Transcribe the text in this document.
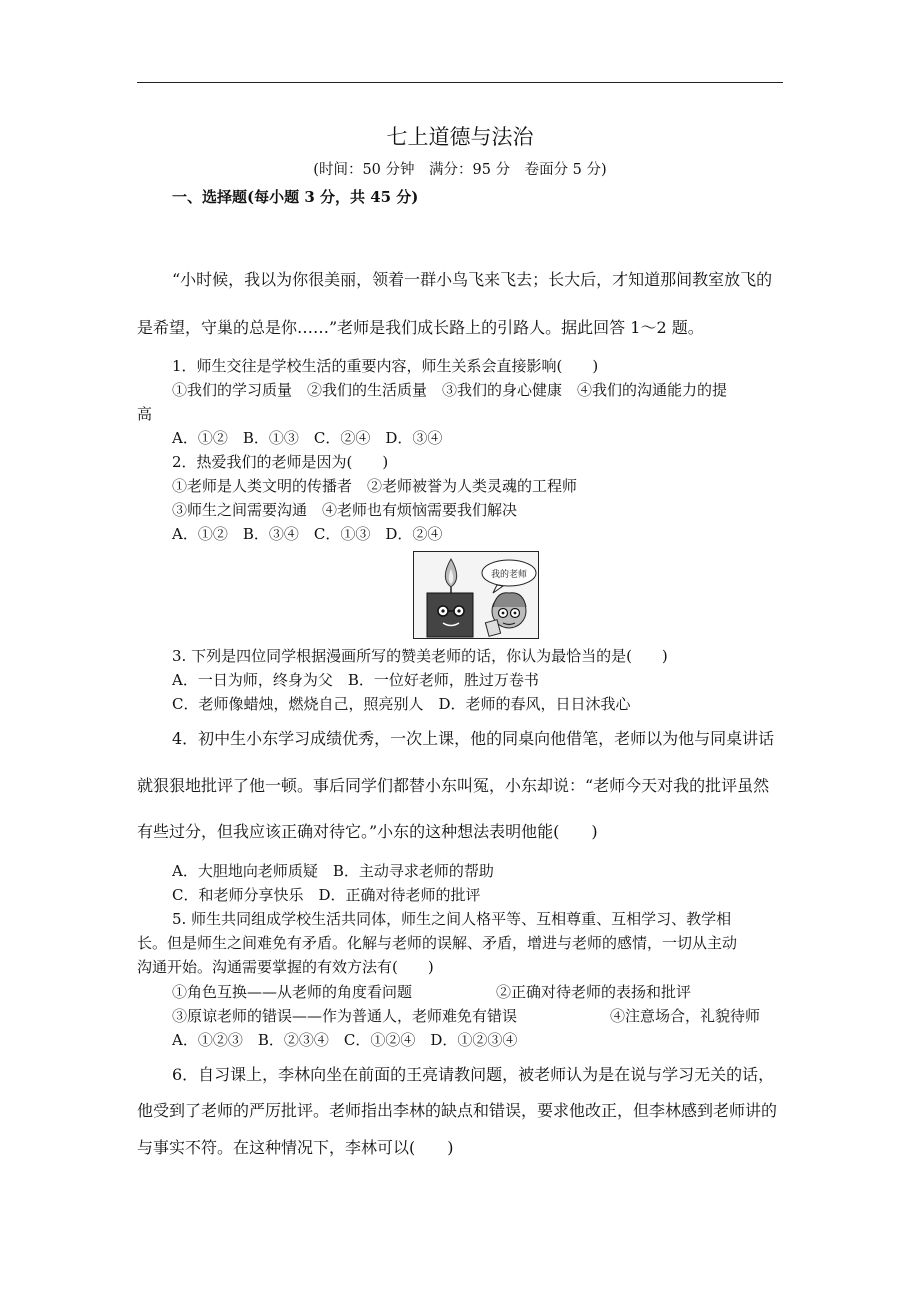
七上道德与法治
(时间：50 分钟　满分：95 分　卷面分 5 分)
一、选择题(每小题 3 分，共 45 分)
“小时候，我以为你很美丽，领着一群小鸟飞来飞去；长大后，才知道那间教室放飞的
是希望，守巢的总是你……”老师是我们成长路上的引路人。据此回答 1～2 题。
1．师生交往是学校生活的重要内容，师生关系会直接影响(　　)
①我们的学习质量　②我们的生活质量　③我们的身心健康　④我们的沟通能力的提
高
A．①②　B．①③　C．②④　D．③④
2．热爱我们的老师是因为(　　)
①老师是人类文明的传播者　②老师被誉为人类灵魂的工程师
③师生之间需要沟通　④老师也有烦恼需要我们解决
A．①②　B．③④　C．①③　D．②④
我的老师
3. 下列是四位同学根据漫画所写的赞美老师的话，你认为最恰当的是(　　)
A．一日为师，终身为父　B．一位好老师，胜过万卷书
C．老师像蜡烛，燃烧自己，照亮别人　D．老师的春风，日日沐我心
4．初中生小东学习成绩优秀，一次上课，他的同桌向他借笔，老师以为他与同桌讲话
就狠狠地批评了他一顿。事后同学们都替小东叫冤，小东却说：“老师今天对我的批评虽然
有些过分，但我应该正确对待它。”小东的这种想法表明他能(　　)
A．大胆地向老师质疑　B．主动寻求老师的帮助
C．和老师分享快乐　D．正确对待老师的批评
5. 师生共同组成学校生活共同体，师生之间人格平等、互相尊重、互相学习、教学相
长。但是师生之间难免有矛盾。化解与老师的误解、矛盾，增进与老师的感情，一切从主动
沟通开始。沟通需要掌握的有效方法有(　　)
①角色互换——从老师的角度看问题	②正确对待老师的表扬和批评
③原谅老师的错误——作为普通人，老师难免有错误	④注意场合，礼貌待师
A．①②③　B．②③④　C．①②④　D．①②③④
6．自习课上，李林向坐在前面的王亮请教问题，被老师认为是在说与学习无关的话，
他受到了老师的严厉批评。老师指出李林的缺点和错误，要求他改正，但李林感到老师讲的
与事实不符。在这种情况下，李林可以(　　)
